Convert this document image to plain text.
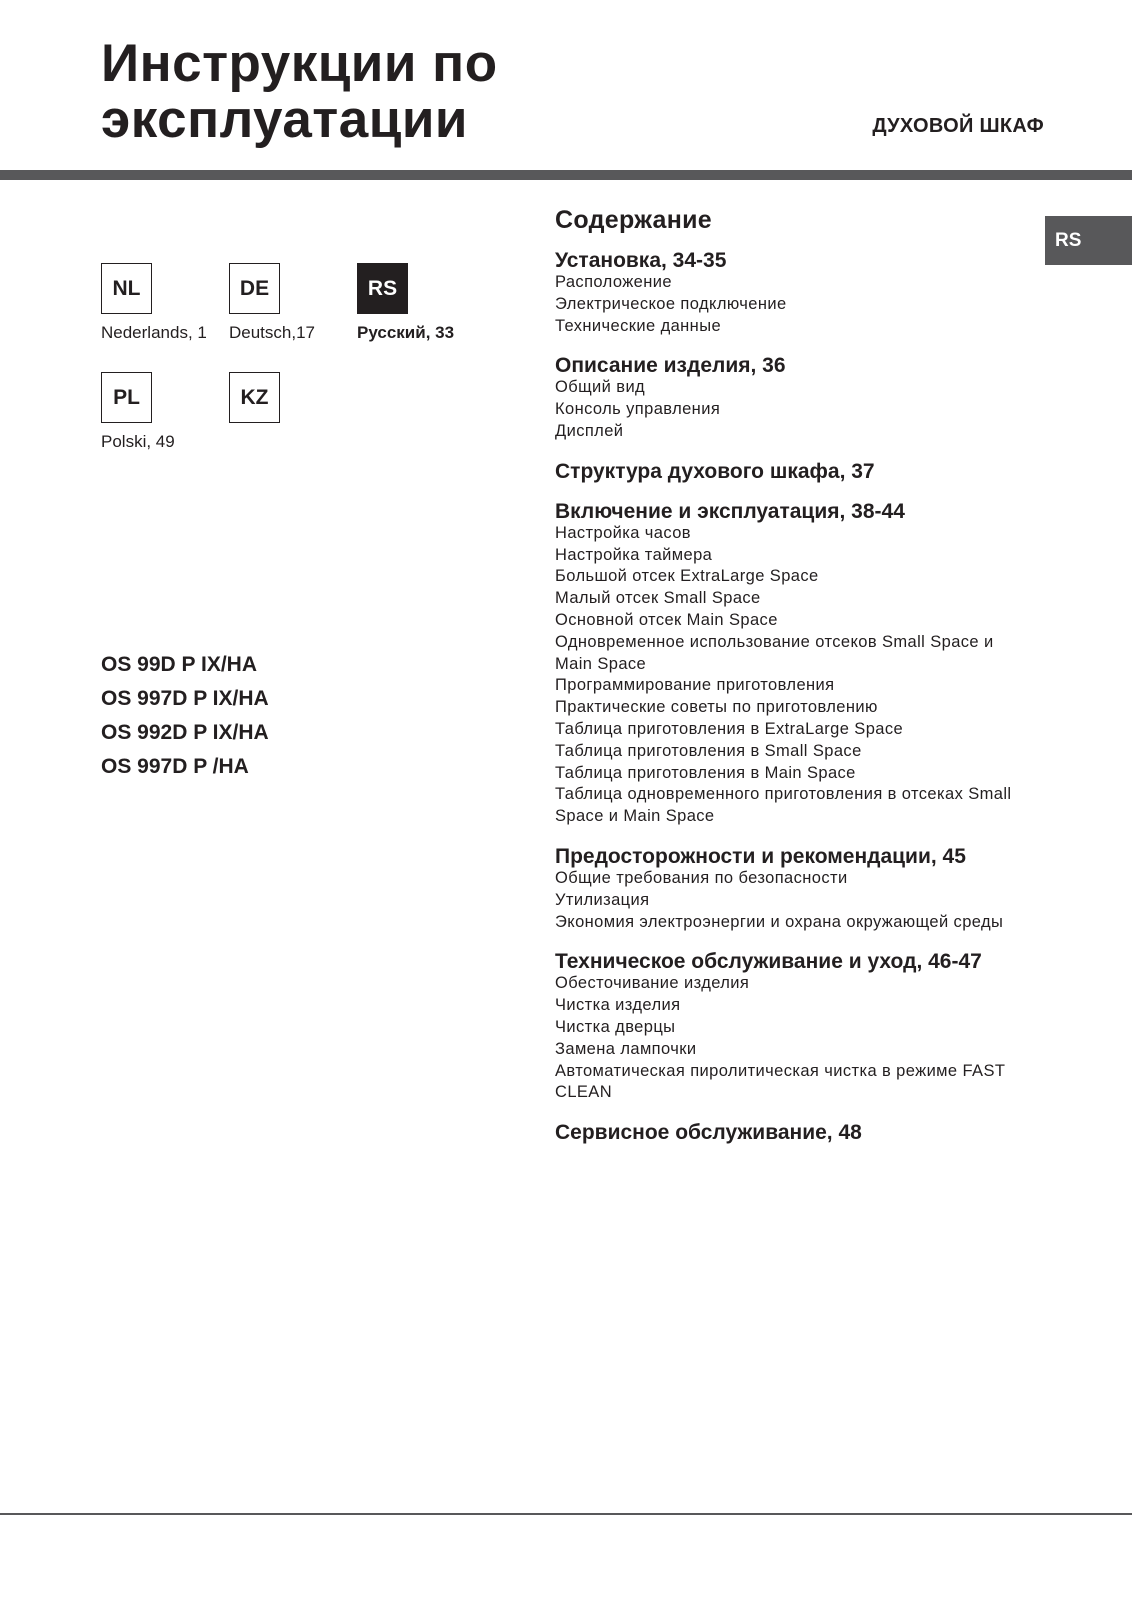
Инструкции по
эксплуатации	ДУХОВОЙ ШКАФ
RS
NL
Nederlands, 1
DE
Deutsch,17
RS
Русский, 33
PL
Polski, 49
KZ
OS 99D P IX/HA
OS 997D P IX/HA
OS 992D P IX/HA
OS 997D P /HA
Содержание
Установка, 34-35
Расположение
Электрическое подключение
Технические данные
Описание изделия, 36
Общий вид
Консоль управления
Дисплей
Структура духового шкафа, 37
Включение и эксплуатация, 38-44
Настройка часов
Настройка таймера
Большой отсек ExtraLarge Space
Малый отсек Small Space
Основной отсек Main Space
Одновременное использование отсеков Small Space и Main Space
Программирование приготовления
Практические советы по приготовлению
Таблица приготовления в ExtraLarge Space
Таблица приготовления в Small Space
Таблица приготовления в Main Space
Таблица одновременного приготовления в отсеках Small Space и Main Space
Предосторожности и рекомендации, 45
Общие требования по безопасности
Утилизация
Экономия электроэнергии и охрана окружающей среды
Техническое обслуживание и уход, 46-47
Обесточивание изделия
Чистка изделия
Чистка дверцы
Замена лампочки
Автоматическая пиролитическая чистка в режиме FAST CLEAN
Сервисное обслуживание, 48
